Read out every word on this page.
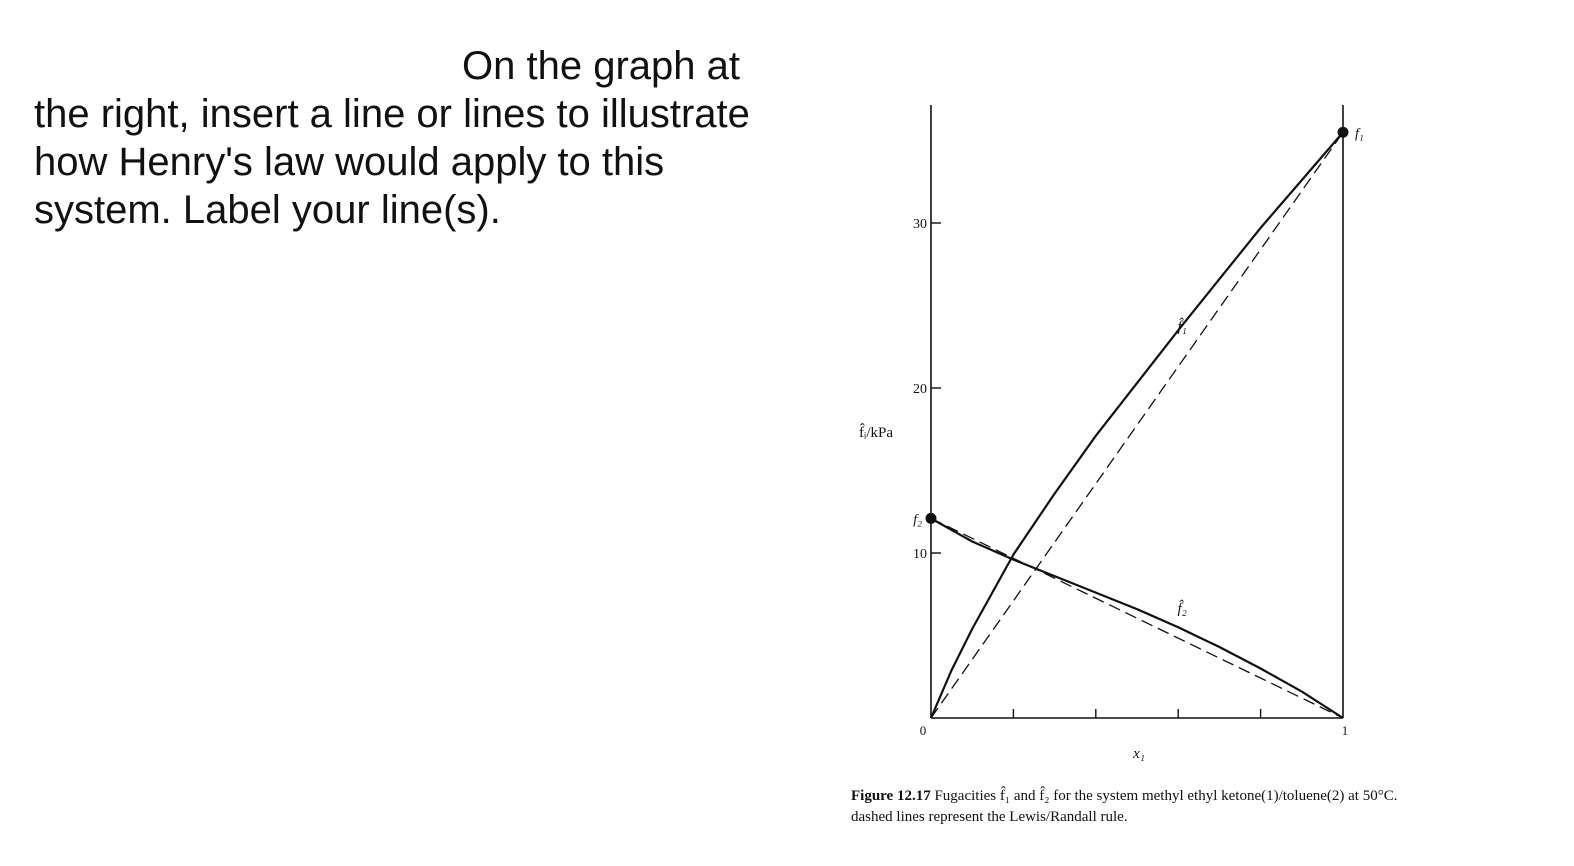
On the graph at
the right, insert a line or lines to illustrate
how Henry's law would apply to this
system. Label your line(s).
10
20
30
0	1
f₂
f₁
f̂ᵢ/kPa
x₁
f̂₁
f̂₂
Figure 12.17 Fugacities f̂₁ and f̂₂ for the system methyl ethyl ketone(1)/toluene(2) at 50°C.
dashed lines represent the Lewis/Randall rule.
